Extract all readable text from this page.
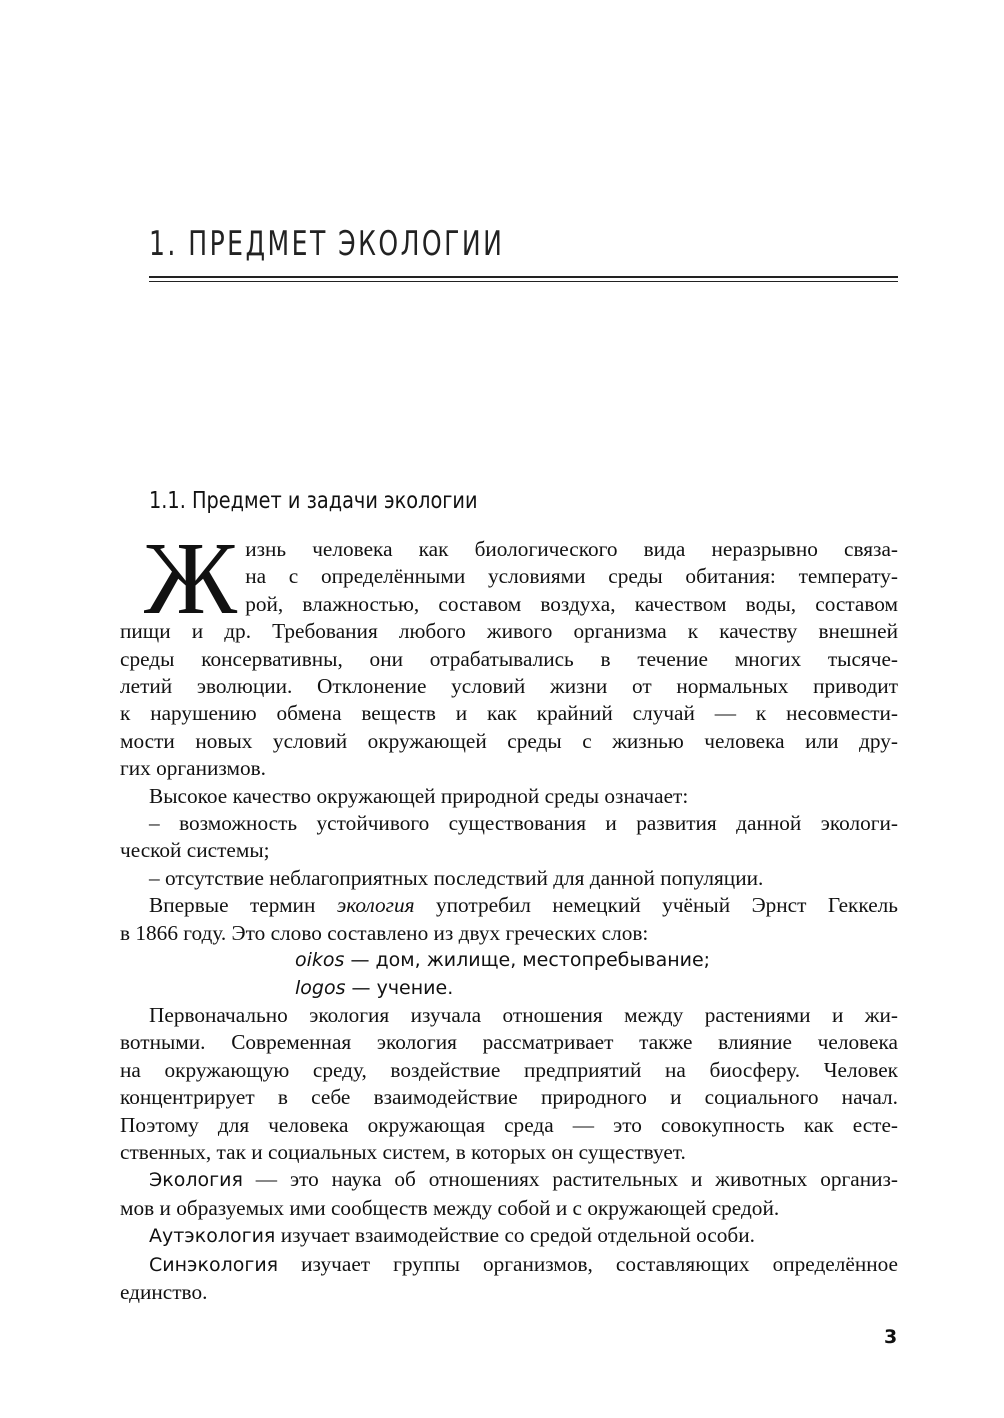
1. ПРЕДМЕТ ЭКОЛОГИИ
1.1. Предмет и задачи экологии

Ж изнь человека как биологического вида неразрывно связа-
на с определёнными условиями среды обитания: температу-
рой, влажностью, составом воздуха, качеством воды, составом
пищи и др. Требования любого живого организма к качеству внешней
среды консервативны, они отрабатывались в течение многих тысяче-
летий эволюции. Отклонение условий жизни от нормальных приводит
к нарушению обмена веществ и как крайний случай — к несовмести-
мости новых условий окружающей среды с жизнью человека или дру-
гих организмов.

Высокое качество окружающей природной среды означает:

– возможность устойчивого существования и развития данной экологи-

ческой системы;

– отсутствие неблагоприятных последствий для данной популяции.

Впервые термин экология употребил немецкий учёный Эрнст Геккель

в 1866 году. Это слово составлено из двух греческих слов:

oikos — дом, жилище, местопребывание;

logos — учение.

Первоначально экология изучала отношения между растениями и жи-

вотными. Современная экология рассматривает также влияние человека
на окружающую среду, воздействие предприятий на биосферу. Человек
концентрирует в себе взаимодействие природного и социального начал.
Поэтому для человека окружающая среда — это совокупность как есте-
ственных, так и социальных систем, в которых он существует.

Экология — это наука об отношениях растительных и животных организ-

мов и образуемых ими сообществ между собой и с окружающей средой.

Аутэкология изучает взаимодействие со средой отдельной особи.

Синэкология изучает группы организмов, составляющих определённое

единство.

3
